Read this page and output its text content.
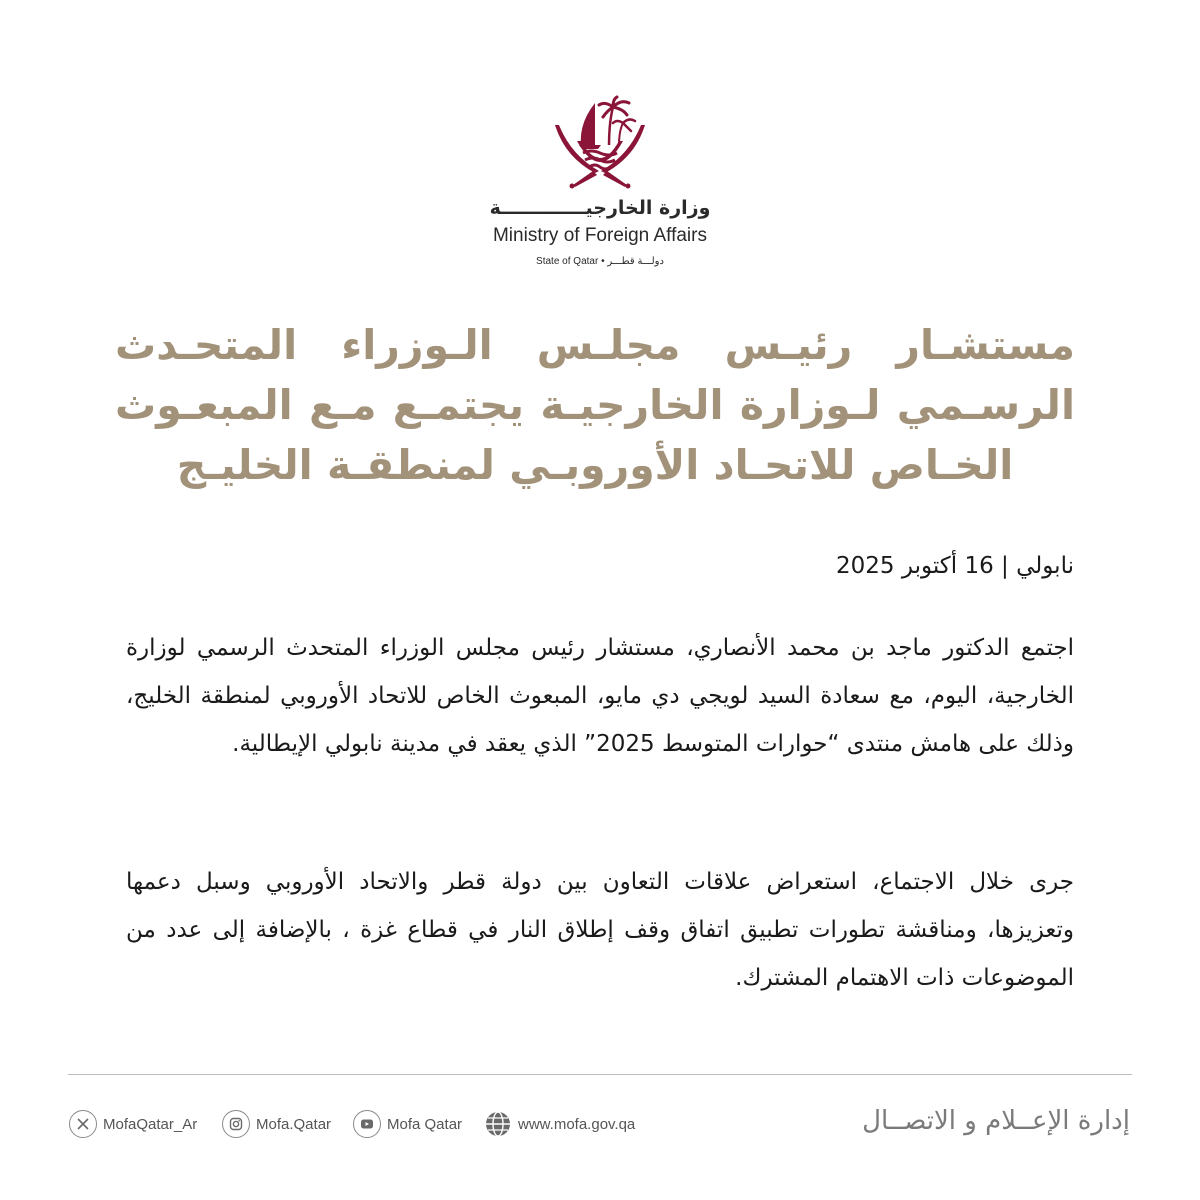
وزارة الخارجيـــــــــــــة
Ministry of Foreign Affairs
State of Qatar • دولـــة قطـــر
مستشـار رئيـس مجلـس الـوزراء المتحـدث الرسـمي لـوزارة الخارجيـة يجتمـع مـع المبعـوث الخـاص للاتحـاد الأوروبـي لمنطقـة الخليـج
نابولي | 16 أكتوبر 2025
اجتمع الدكتور ماجد بن محمد الأنصاري، مستشار رئيس مجلس الوزراء المتحدث الرسمي لوزارة الخارجية، اليوم، مع سعادة السيد لويجي دي مايو، المبعوث الخاص للاتحاد الأوروبي لمنطقة الخليج، وذلك على هامش منتدى “حوارات المتوسط 2025” الذي يعقد في مدينة نابولي الإيطالية.
جرى خلال الاجتماع، استعراض علاقات التعاون بين دولة قطر والاتحاد الأوروبي وسبل دعمها وتعزيزها، ومناقشة تطورات تطبيق اتفاق وقف إطلاق النار في قطاع غزة ، بالإضافة إلى عدد من الموضوعات ذات الاهتمام المشترك.
إدارة الإعــلام و الاتصــال
MofaQatar_Ar	Mofa.Qatar	Mofa Qatar	www.mofa.gov.qa
